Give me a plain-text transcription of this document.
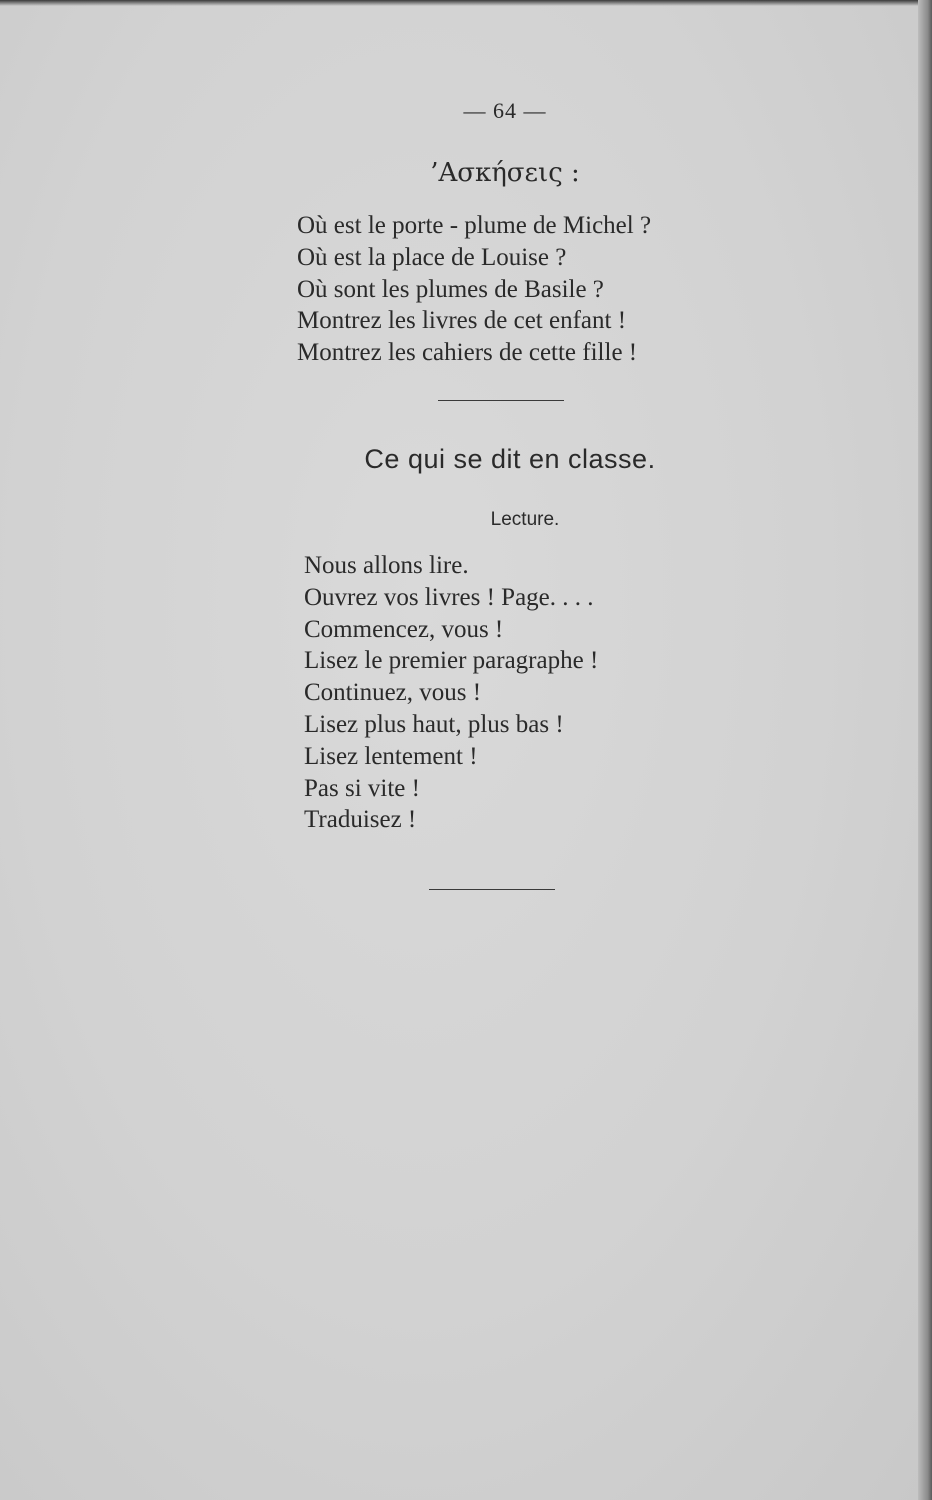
— 64 —
’Ασκήσεις :
Où est le porte - plume de Michel ?
Où est la place de Louise ?
Où sont les plumes de Basile ?
Montrez les livres de cet enfant !
Montrez les cahiers de cette fille !
Ce qui se dit en classe.
Lecture.
Nous allons lire.
Ouvrez vos livres ! Page. . . .
Commencez, vous !
Lisez le premier paragraphe !
Continuez, vous !
Lisez plus haut, plus bas !
Lisez lentement !
Pas si vite !
Traduisez !
